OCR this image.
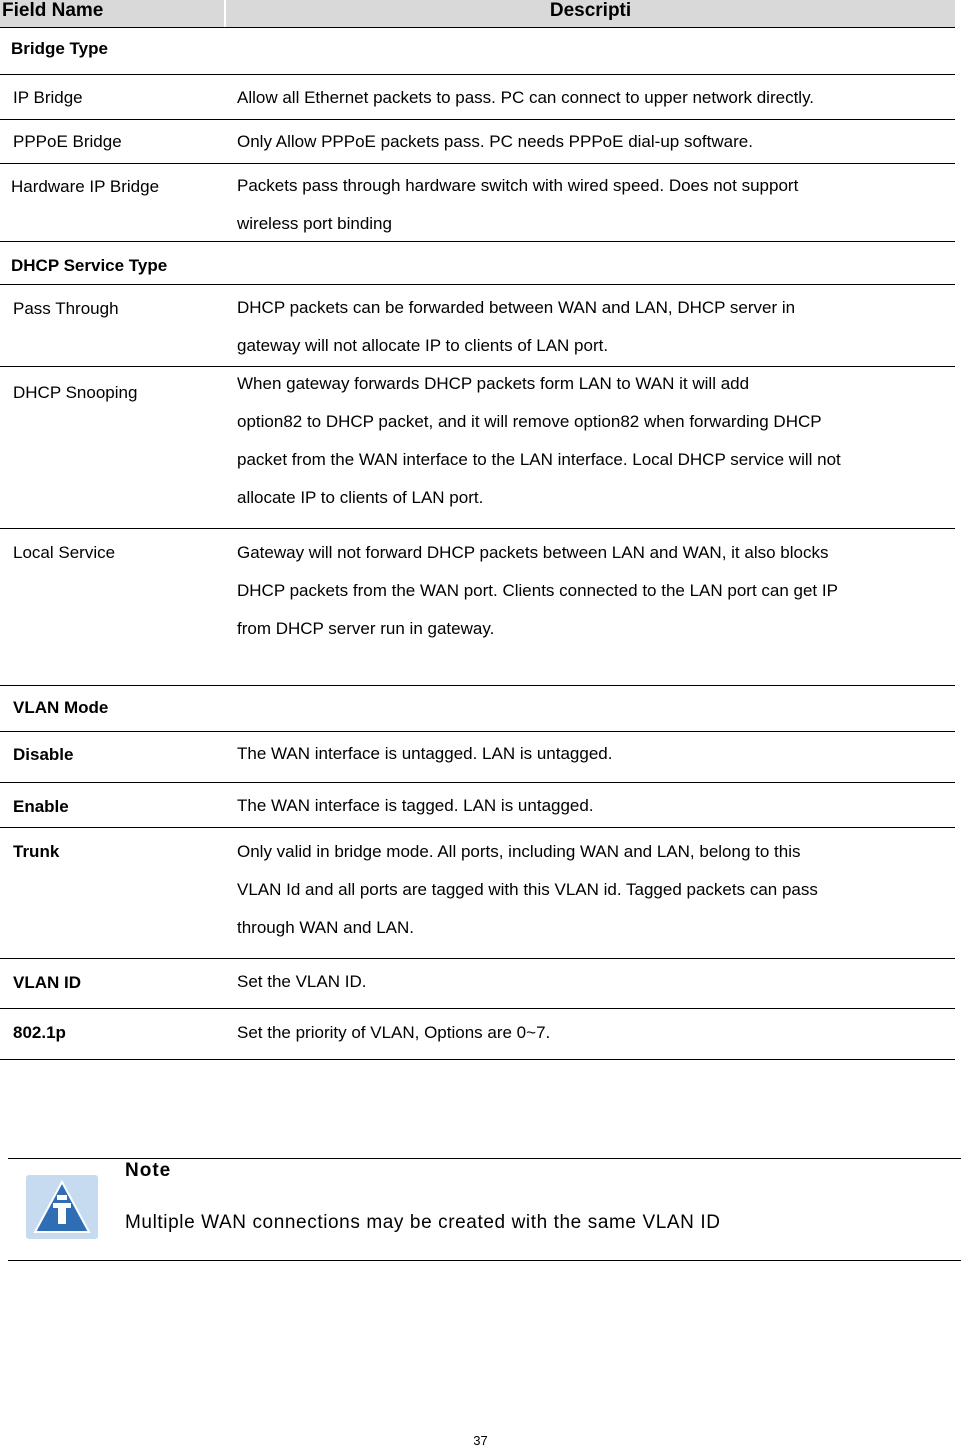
Field Name	Descripti
Bridge Type
IP Bridge	Allow all Ethernet packets to pass. PC can connect to upper network directly.
PPPoE Bridge	Only Allow PPPoE packets pass. PC needs PPPoE dial-up software.
Hardware IP Bridge	Packets pass through hardware switch with wired speed. Does not support
wireless port binding
DHCP Service Type
Pass Through	DHCP packets can be forwarded between WAN and LAN, DHCP server in
gateway will not allocate IP to clients of LAN port.
DHCP Snooping	When gateway forwards DHCP packets form LAN to WAN it will add
option82 to DHCP packet, and it will remove option82 when forwarding DHCP
packet from the WAN interface to the LAN interface. Local DHCP service will not
allocate IP to clients of LAN port.
Local Service	Gateway will not forward DHCP packets between LAN and WAN, it also blocks
DHCP packets from the WAN port. Clients connected to the LAN port can get IP
from DHCP server run in gateway.
VLAN Mode
Disable	The WAN interface is untagged. LAN is untagged.
Enable	The WAN interface is tagged. LAN is untagged.
Trunk	Only valid in bridge mode. All ports, including WAN and LAN, belong to this
VLAN Id and all ports are tagged with this VLAN id. Tagged packets can pass
through WAN and LAN.
VLAN ID	Set the VLAN ID.
802.1p	Set the priority of VLAN, Options are 0~7.
Note
Multiple WAN connections may be created with the same VLAN ID
37
